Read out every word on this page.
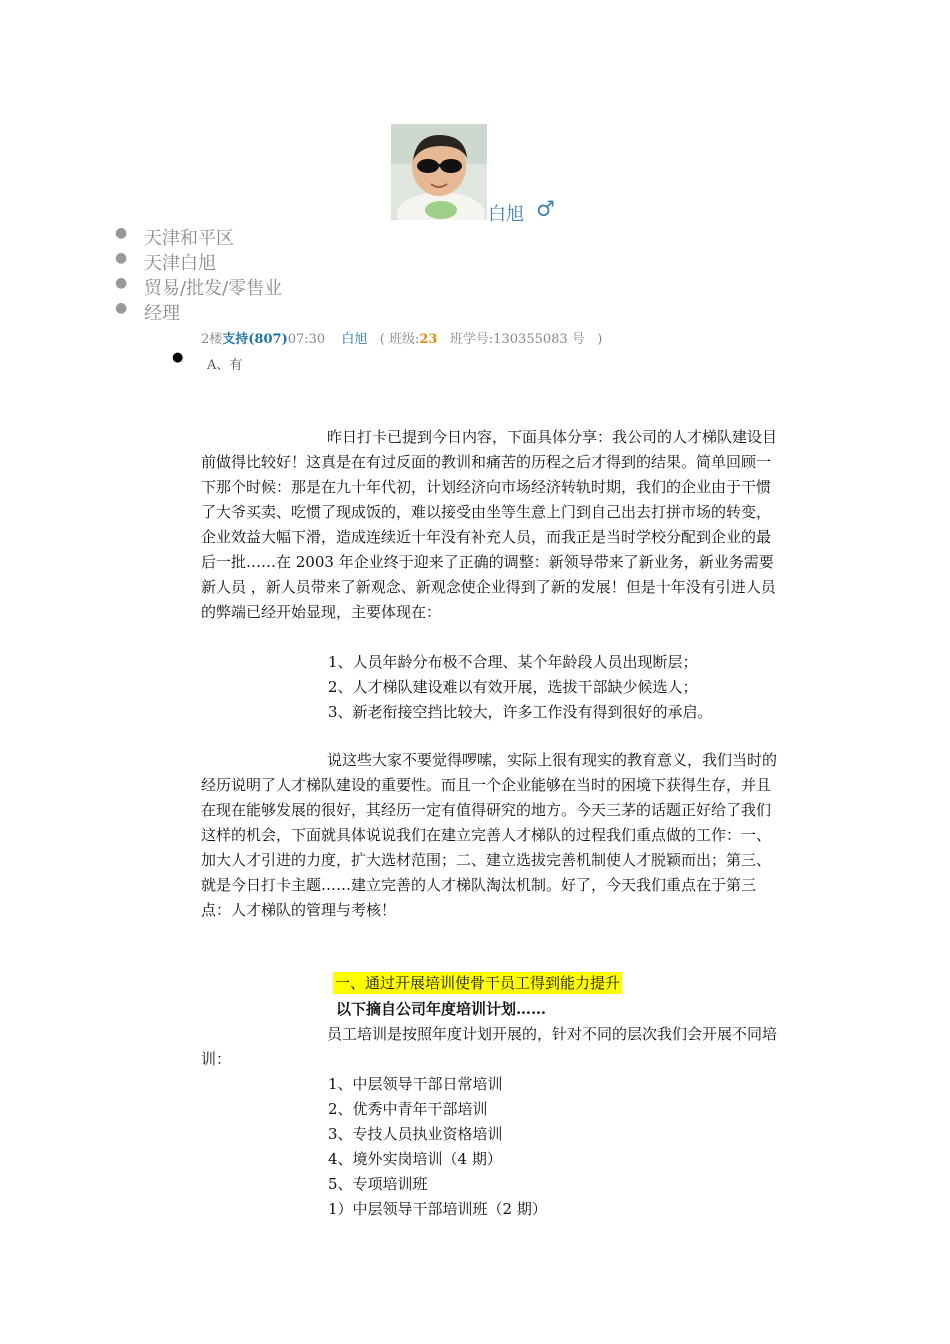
白旭 ♂
● 天津和平区
● 天津白旭
● 贸易/批发/零售业
● 经理
2楼支持(807)07:30 白旭 ( 班级:23 班学号:130355083 号 )
●
A、有
昨日打卡已提到今日内容，下面具体分享：我公司的人才梯队建设目前做得比较好！这真是在有过反面的教训和痛苦的历程之后才得到的结果。简单回顾一下那个时候：那是在九十年代初，计划经济向市场经济转轨时期，我们的企业由于干惯了大爷买卖、吃惯了现成饭的，难以接受由坐等生意上门到自己出去打拼市场的转变，企业效益大幅下滑，造成连续近十年没有补充人员，而我正是当时学校分配到企业的最后一批……在 2003 年企业终于迎来了正确的调整：新领导带来了新业务，新业务需要新人员 ，新人员带来了新观念、新观念使企业得到了新的发展！但是十年没有引进人员的弊端已经开始显现，主要体现在：
1、人员年龄分布极不合理、某个年龄段人员出现断层；
2、人才梯队建设难以有效开展，选拔干部缺少候选人；
3、新老衔接空挡比较大，许多工作没有得到很好的承启。
说这些大家不要觉得啰嗦，实际上很有现实的教育意义，我们当时的经历说明了人才梯队建设的重要性。而且一个企业能够在当时的困境下获得生存，并且在现在能够发展的很好，其经历一定有值得研究的地方。今天三茅的话题正好给了我们这样的机会，下面就具体说说我们在建立完善人才梯队的过程我们重点做的工作：一、加大人才引进的力度，扩大选材范围；二、建立选拔完善机制使人才脱颖而出；第三、就是今日打卡主题……建立完善的人才梯队淘汰机制。好了，今天我们重点在于第三点：人才梯队的管理与考核！
一、通过开展培训使骨干员工得到能力提升
以下摘自公司年度培训计划……
员工培训是按照年度计划开展的，针对不同的层次我们会开展不同培训：
1、中层领导干部日常培训
2、优秀中青年干部培训
3、专技人员执业资格培训
4、境外实岗培训（4 期）
5、专项培训班
1）中层领导干部培训班（2 期）
